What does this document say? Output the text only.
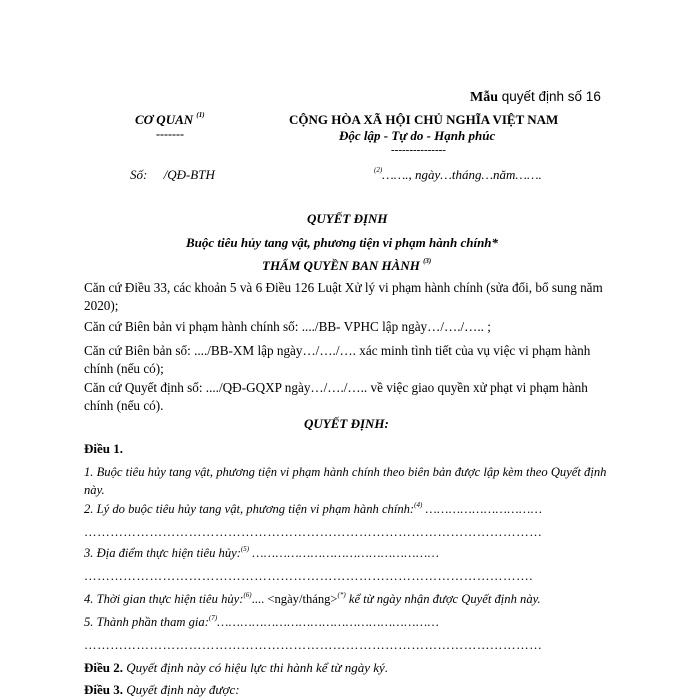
Mẫu quyết định số 16
CƠ QUAN $^{(1)}$
-------
CỘNG HÒA XÃ HỘI CHỦ NGHĨA VIỆT NAM
Độc lập - Tự do - Hạnh phúc
---------------
Số:     /QĐ-BTH	$^{(2)}$……., ngày…tháng…năm…….
QUYẾT ĐỊNH
Buộc tiêu hủy tang vật, phương tiện vi phạm hành chính*
THẨM QUYỀN BAN HÀNH $^{(3)}$
Căn cứ Điều 33, các khoản 5 và 6 Điều 126 Luật Xử lý vi phạm hành chính (sửa đổi, bổ sung năm 2020);
Căn cứ Biên bản vi phạm hành chính số: ..../BB- VPHC lập ngày…/…./….. ;
Căn cứ Biên bản số: ..../BB-XM lập ngày…/…./…. xác minh tình tiết của vụ việc vi phạm hành chính (nếu có);
Căn cứ Quyết định số: ..../QĐ-GQXP ngày…/…./….. về việc giao quyền xử phạt vi phạm hành chính (nếu có).
QUYẾT ĐỊNH:
Điều 1.
1. Buộc tiêu hủy tang vật, phương tiện vi phạm hành chính theo biên bản được lập kèm theo Quyết định này.
2. Lý do buộc tiêu hủy tang vật, phương tiện vi phạm hành chính:$^{(4)}$ …………………………
……………………………………………………………………………………………
3. Địa điểm thực hiện tiêu hủy:$^{(5)}$ …………………………………………
………………………………………………………………………………………….
4. Thời gian thực hiện tiêu hủy:$^{(6)}$.... <ngày/tháng>(*) kể từ ngày nhận được Quyết định này.
5. Thành phần tham gia:$^{(7)}$…………………………………………………
……………………………………………………………………………………………
Điều 2. Quyết định này có hiệu lực thi hành kể từ ngày ký.
Điều 3. Quyết định này được:
